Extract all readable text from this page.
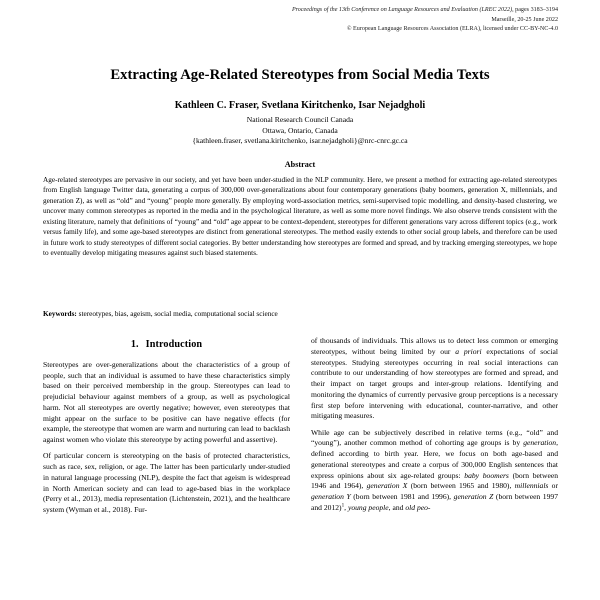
Proceedings of the 13th Conference on Language Resources and Evaluation (LREC 2022), pages 3183–3194
Marseille, 20-25 June 2022
© European Language Resources Association (ELRA), licensed under CC-BY-NC-4.0
Extracting Age-Related Stereotypes from Social Media Texts
Kathleen C. Fraser, Svetlana Kiritchenko, Isar Nejadgholi
National Research Council Canada
Ottawa, Ontario, Canada
{kathleen.fraser, svetlana.kiritchenko, isar.nejadgholi}@nrc-cnrc.gc.ca
Abstract
Age-related stereotypes are pervasive in our society, and yet have been under-studied in the NLP community. Here, we present a method for extracting age-related stereotypes from English language Twitter data, generating a corpus of 300,000 over-generalizations about four contemporary generations (baby boomers, generation X, millennials, and generation Z), as well as “old” and “young” people more generally. By employing word-association metrics, semi-supervised topic modelling, and density-based clustering, we uncover many common stereotypes as reported in the media and in the psychological literature, as well as some more novel findings. We also observe trends consistent with the existing literature, namely that definitions of “young” and “old” age appear to be context-dependent, stereotypes for different generations vary across different topics (e.g., work versus family life), and some age-based stereotypes are distinct from generational stereotypes. The method easily extends to other social group labels, and therefore can be used in future work to study stereotypes of different social categories. By better understanding how stereotypes are formed and spread, and by tracking emerging stereotypes, we hope to eventually develop mitigating measures against such biased statements.
Keywords: stereotypes, bias, ageism, social media, computational social science
1. Introduction

Stereotypes are over-generalizations about the characteristics of a group of people, such that an individual is assumed to have these characteristics simply based on their perceived membership in the group. Stereotypes can lead to prejudicial behaviour against members of a group, as well as psychological harm. Not all stereotypes are overtly negative; however, even stereotypes that might appear on the surface to be positive can have negative effects (for example, the stereotype that women are warm and nurturing can lead to backlash against women who violate this stereotype by acting powerful and assertive).

Of particular concern is stereotyping on the basis of protected characteristics, such as race, sex, religion, or age. The latter has been particularly under-studied in natural language processing (NLP), despite the fact that ageism is widespread in North American society and can lead to age-based bias in the workplace (Perry et al., 2013), media representation (Lichtenstein, 2021), and the healthcare system (Wyman et al., 2018). Fur-

of thousands of individuals. This allows us to detect less common or emerging stereotypes, without being limited by our a priori expectations of social stereotypes. Studying stereotypes occurring in real social interactions can contribute to our understanding of how stereotypes are formed and spread, and their impact on target groups and inter-group relations. Identifying and monitoring the dynamics of currently pervasive group perceptions is a necessary first step before intervening with educational, counter-narrative, and other mitigating measures.

While age can be subjectively described in relative terms (e.g., “old” and “young”), another common method of cohorting age groups is by generation, defined according to birth year. Here, we focus on both age-based and generational stereotypes and create a corpus of 300,000 English sentences that express opinions about six age-related groups: baby boomers (born between 1946 and 1964), generation X (born between 1965 and 1980), millennials or generation Y (born between 1981 and 1996), generation Z (born between 1997 and 2012)$^1$, young people, and old peo-
